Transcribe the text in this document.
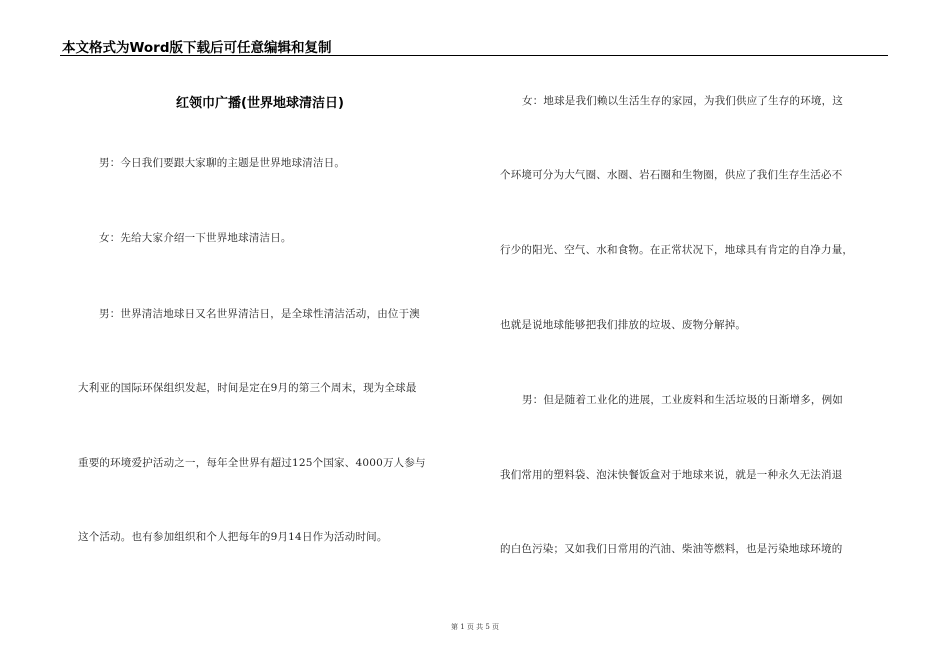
本文格式为Word版下载后可任意编辑和复制
红领巾广播(世界地球清洁日)
男：今日我们要跟大家聊的主题是世界地球清洁日。
女：先给大家介绍一下世界地球清洁日。
男：世界清洁地球日又名世界清洁日，是全球性清洁活动，由位于澳
大利亚的国际环保组织发起，时间是定在9月的第三个周末，现为全球最
重要的环境爱护活动之一，每年全世界有超过125个国家、4000万人参与
这个活动。也有参加组织和个人把每年的9月14日作为活动时间。
女：地球是我们赖以生活生存的家园，为我们供应了生存的环境，这
个环境可分为大气圈、水圈、岩石圈和生物圈，供应了我们生存生活必不
行少的阳光、空气、水和食物。在正常状况下，地球具有肯定的自净力量，
也就是说地球能够把我们排放的垃圾、废物分解掉。
男：但是随着工业化的进展，工业废料和生活垃圾的日渐增多，例如
我们常用的塑料袋、泡沫快餐饭盒对于地球来说，就是一种永久无法消退
的白色污染；又如我们日常用的汽油、柴油等燃料，也是污染地球环境的
第 1 页 共 5 页
